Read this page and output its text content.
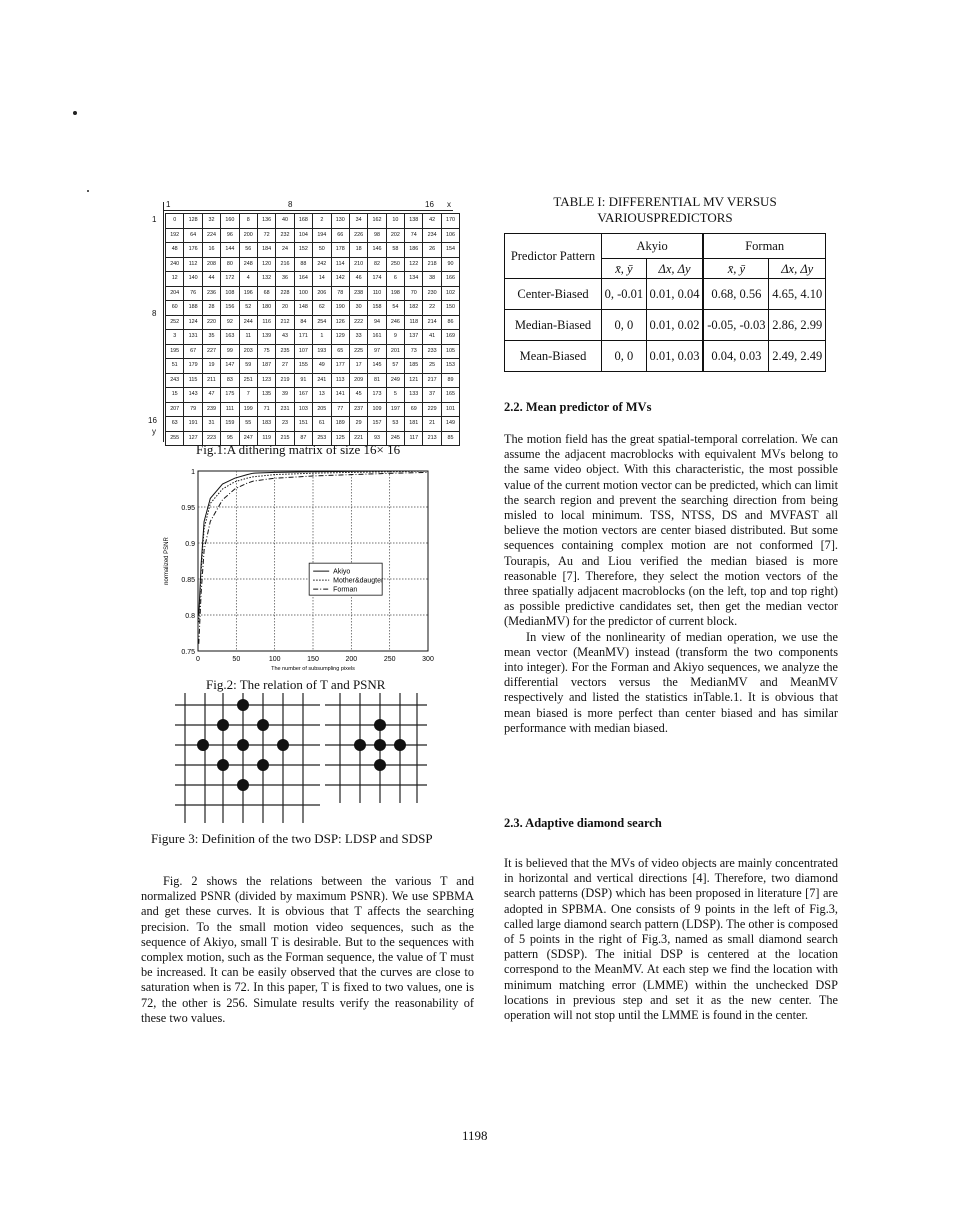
1	8	16 x
1
8
16
y
0	128	32	160	8	136	40	168	2	130	34	162	10	138	42	170
192	64	224	96	200	72	232	104	194	66	226	98	202	74	234	106
48	176	16	144	56	184	24	152	50	178	18	146	58	186	26	154
240	112	208	80	248	120	216	88	242	114	210	82	250	122	218	90
12	140	44	172	4	132	36	164	14	142	46	174	6	134	38	166
204	76	236	108	196	68	228	100	206	78	238	110	198	70	230	102
60	188	28	156	52	180	20	148	62	190	30	158	54	182	22	150
252	124	220	92	244	116	212	84	254	126	222	94	246	118	214	86
3	131	35	163	11	139	43	171	1	129	33	161	9	137	41	169
195	67	227	99	203	75	235	107	193	65	225	97	201	73	233	105
51	179	19	147	59	187	27	155	49	177	17	145	57	185	25	153
243	115	211	83	251	123	219	91	241	113	209	81	249	121	217	89
15	143	47	175	7	135	39	167	13	141	45	173	5	133	37	165
207	79	239	111	199	71	231	103	205	77	237	109	197	69	229	101
63	191	31	159	55	183	23	151	61	189	29	157	53	181	21	149
255	127	223	95	247	119	215	87	253	125	221	93	245	117	213	85
Fig.1:A dithering matrix of size 16× 16
0	50	100	150	200	250	300
0.75
0.8
0.85
0.9
0.95
1
The number of subsumpling pixels
normalized PSNR	Akiyo
Mother&daugter
Forman
Fig.2: The relation of T and PSNR
Figure 3: Definition of the two DSP: LDSP and SDSP

Fig. 2 shows the relations between the various T and normalized PSNR (divided by maximum PSNR). We use SPBMA and get these curves. It is obvious that T affects the searching precision. To the small motion video sequences, such as the sequence of Akiyo, small T is desirable. But to the sequences with complex motion, such as the Forman sequence, the value of T must be increased. It can be easily observed that the curves are close to saturation when is 72. In this paper, T is fixed to two values, one is 72, the other is 256. Simulate results verify the reasonability of these two values.

TABLE I: DIFFERENTIAL MV VERSUS
VARIOUSPREDICTORS
Predictor Pattern	Akyio		Forman	
	x̄, ȳ	Δx, Δy	x̄, ȳ	Δx, Δy
Center-Biased	0, -0.01	0.01, 0.04	0.68, 0.56	4.65, 4.10
Median-Biased	0, 0	0.01, 0.02	-0.05, -0.03	2.86, 2.99
Mean-Biased	0, 0	0.01, 0.03	0.04, 0.03	2.49, 2.49
2.2. Mean predictor of MVs

The motion field has the great spatial-temporal correlation. We can assume the adjacent macroblocks with equivalent MVs belong to the same video object. With this characteristic, the most possible value of the current motion vector can be predicted, which can limit the search region and prevent the searching direction from being misled to local minimum. TSS, NTSS, DS and MVFAST all believe the motion vectors are center biased distributed. But some sequences containing complex motion are not conformed [7]. Tourapis, Au and Liou verified the median biased is more reasonable [7]. Therefore, they select the motion vectors of the three spatially adjacent macroblocks (on the left, top and top right) as possible predictive candidates set, then get the median vector (MedianMV) for the predictor of current block.

In view of the nonlinearity of median operation, we use the mean vector (MeanMV) instead (transform the two components into integer). For the Forman and Akiyo sequences, we analyze the differential vectors versus the MedianMV and MeanMV respectively and listed the statistics inTable.1. It is obvious that mean biased is more perfect than center biased and has similar performance with median biased.

2.3. Adaptive diamond search

It is believed that the MVs of video objects are mainly concentrated in horizontal and vertical directions [4]. Therefore, two diamond search patterns (DSP) which has been proposed in literature [7] are adopted in SPBMA. One consists of 9 points in the left of Fig.3, called large diamond search pattern (LDSP). The other is composed of 5 points in the right of Fig.3, named as small diamond search pattern (SDSP). The initial DSP is centered at the location correspond to the MeanMV. At each step we find the location with minimum matching error (LMME) within the unchecked DSP locations in previous step and set it as the new center. The operation will not stop until the LMME is found in the center.

1198
